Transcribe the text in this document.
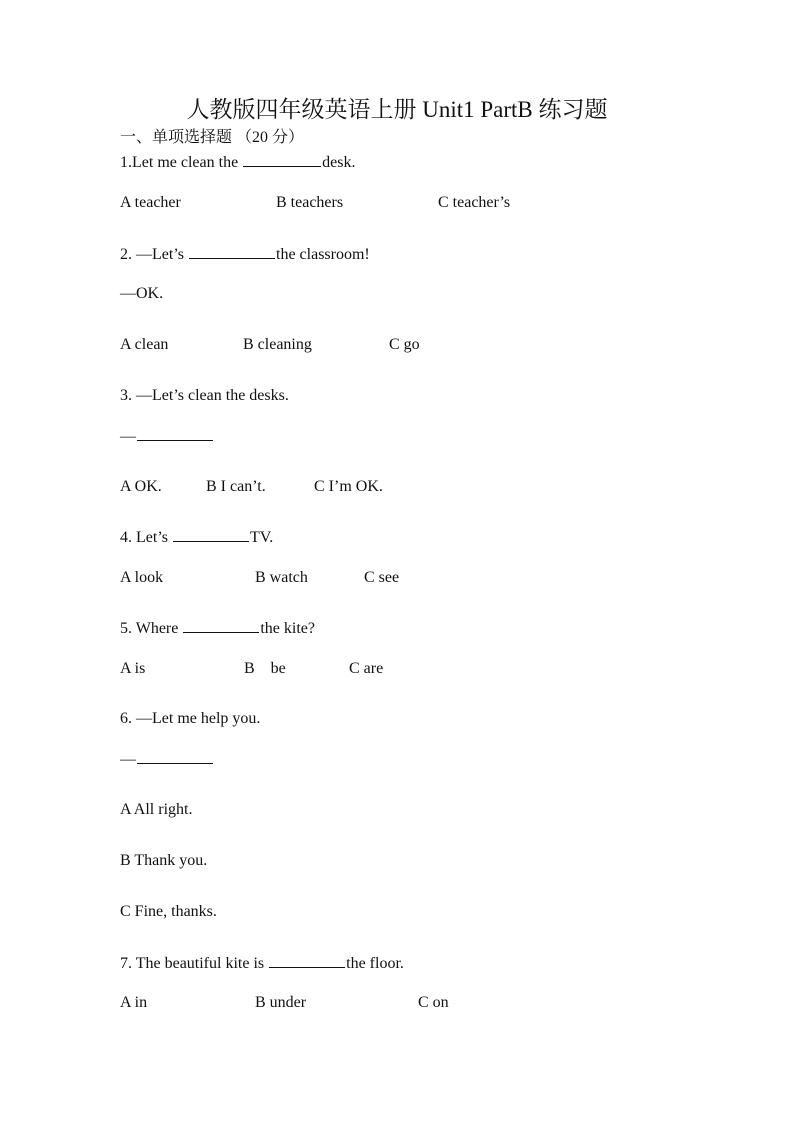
人教版四年级英语上册 Unit1 PartB 练习题
一、单项选择题 （20 分）
1.Let me clean the	desk.
A teacher	B teachers	C teacher’s
2. —Let’s	the classroom!
—OK.
A clean	B cleaning	C go
3. —Let’s clean the desks.
—
A OK.	B I can’t.	C I’m OK.
4. Let’s	TV.
A look	B watch	C see
5. Where	the kite?
A is	B    be	C are
6. —Let me help you.
—
A All right.
B Thank you.
C Fine, thanks.
7. The beautiful kite is	the floor.
A in	B under	C on
